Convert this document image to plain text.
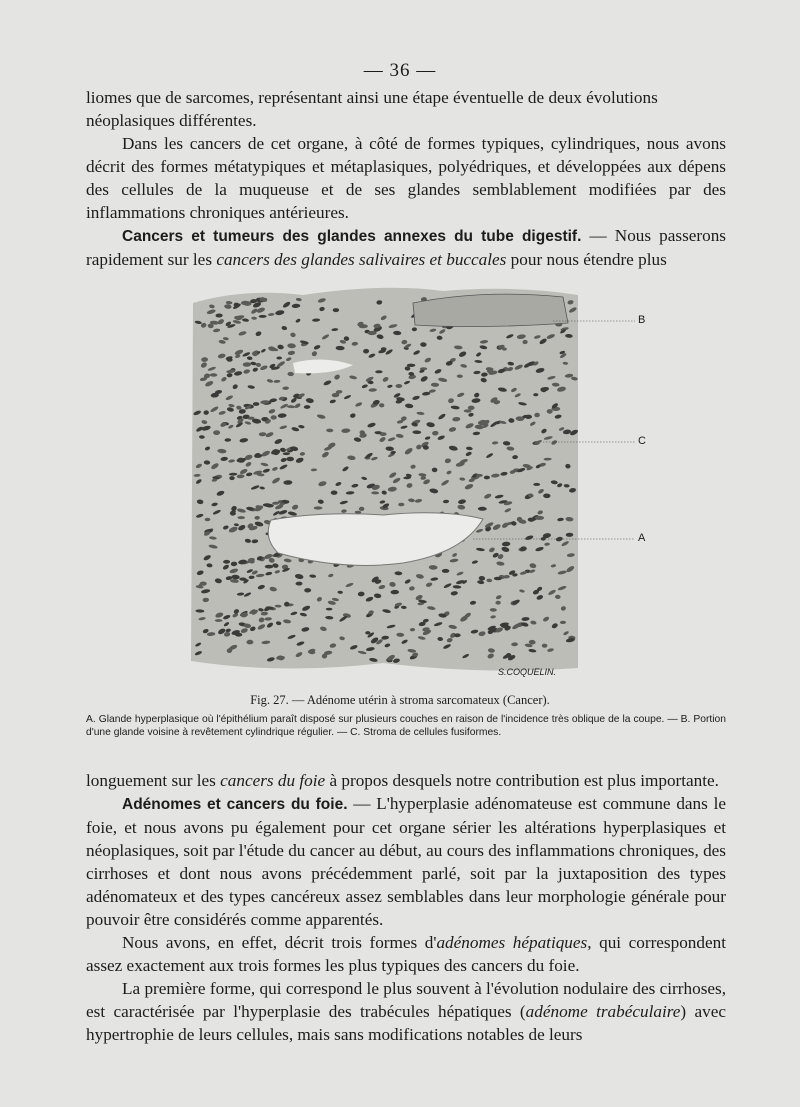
— 36 —

liomes que de sarcomes, représentant ainsi une étape éventuelle de deux évolutions

néoplasiques différentes.

Dans les cancers de cet organe, à côté de formes typiques, cylindriques, nous avons décrit des formes métatypiques et métaplasiques, polyédriques, et développées aux dépens des cellules de la muqueuse et de ses glandes semblablement modifiées par des inflammations chroniques antérieures.

Cancers et tumeurs des glandes annexes du tube digestif. — Nous passerons rapidement sur les cancers des glandes salivaires et buccales pour nous étendre plus

B
C
A
S.COQUELIN.
Fig. 27. — Adénome utérin à stroma sarcomateux (Cancer).
A. Glande hyperplasique où l'épithélium paraît disposé sur plusieurs couches en raison de l'incidence très oblique de la coupe. — B. Portion d'une glande voisine à revêtement cylindrique régulier. — C. Stroma de cellules fusiformes.

longuement sur les cancers du foie à propos desquels notre contribution est plus importante.

Adénomes et cancers du foie. — L'hyperplasie adénomateuse est commune dans le foie, et nous avons pu également pour cet organe sérier les altérations hyperplasiques et néoplasiques, soit par l'étude du cancer au début, au cours des inflammations chroniques, des cirrhoses et dont nous avons précédemment parlé, soit par la juxtaposition des types adénomateux et des types cancéreux assez semblables dans leur morphologie générale pour pouvoir être considérés comme apparentés.

Nous avons, en effet, décrit trois formes d'adénomes hépatiques, qui correspondent assez exactement aux trois formes les plus typiques des cancers du foie.

La première forme, qui correspond le plus souvent à l'évolution nodulaire des cirrhoses, est caractérisée par l'hyperplasie des trabécules hépatiques (adénome trabéculaire) avec hypertrophie de leurs cellules, mais sans modifications notables de leurs
